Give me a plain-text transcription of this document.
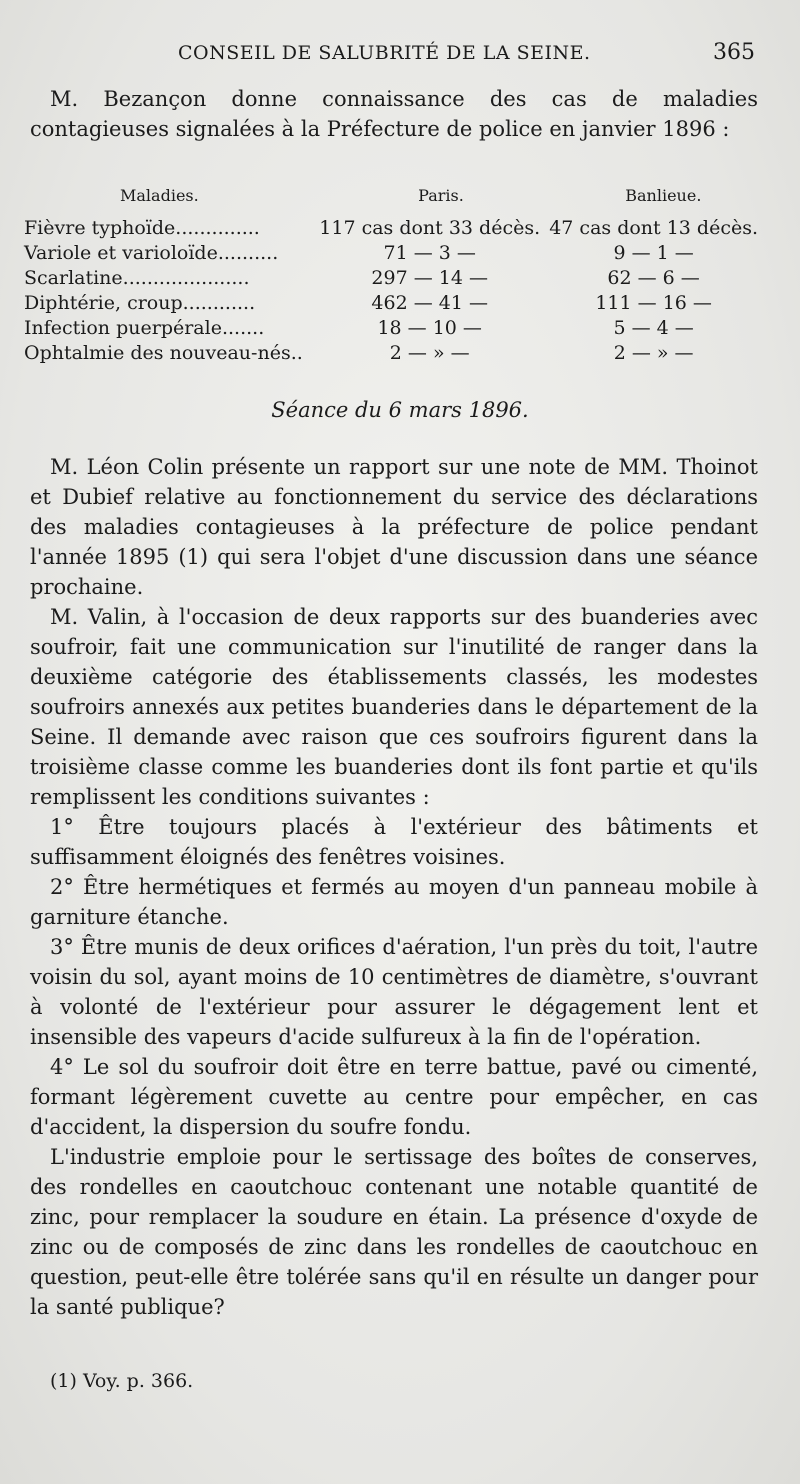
CONSEIL DE SALUBRITÉ DE LA SEINE.	365

M. Bezançon donne connaissance des cas de maladies contagieuses signalées à la Préfecture de police en janvier 1896 :

Maladies.	Paris.	Banlieue.
Fièvre typhoïde..............	117 cas dont 33 décès.	47 cas dont 13 décès.
Variole et varioloïde..........	71 — 3 —	9 — 1 —
Scarlatine.....................	297 — 14 —	62 — 6 —
Diphtérie, croup............	462 — 41 —	111 — 16 —
Infection puerpérale.......	18 — 10 —	5 — 4 —
Ophtalmie des nouveau-nés..	2 — » —	2 — » —
Séance du 6 mars 1896.

M. Léon Colin présente un rapport sur une note de MM. Thoinot et Dubief relative au fonctionnement du service des déclarations des maladies contagieuses à la préfecture de police pendant l'année 1895 (1) qui sera l'objet d'une discussion dans une séance prochaine.

M. Valin, à l'occasion de deux rapports sur des buanderies avec soufroir, fait une communication sur l'inutilité de ranger dans la deuxième catégorie des établissements classés, les modestes soufroirs annexés aux petites buanderies dans le département de la Seine. Il demande avec raison que ces soufroirs figurent dans la troisième classe comme les buanderies dont ils font partie et qu'ils remplissent les conditions suivantes :

1° Être toujours placés à l'extérieur des bâtiments et suffisamment éloignés des fenêtres voisines.

2° Être hermétiques et fermés au moyen d'un panneau mobile à garniture étanche.

3° Être munis de deux orifices d'aération, l'un près du toit, l'autre voisin du sol, ayant moins de 10 centimètres de diamètre, s'ouvrant à volonté de l'extérieur pour assurer le dégagement lent et insensible des vapeurs d'acide sulfureux à la fin de l'opération.

4° Le sol du soufroir doit être en terre battue, pavé ou cimenté, formant légèrement cuvette au centre pour empêcher, en cas d'accident, la dispersion du soufre fondu.

L'industrie emploie pour le sertissage des boîtes de conserves, des rondelles en caoutchouc contenant une notable quantité de zinc, pour remplacer la soudure en étain. La présence d'oxyde de zinc ou de composés de zinc dans les rondelles de caoutchouc en question, peut-elle être tolérée sans qu'il en résulte un danger pour la santé publique?

(1) Voy. p. 366.
